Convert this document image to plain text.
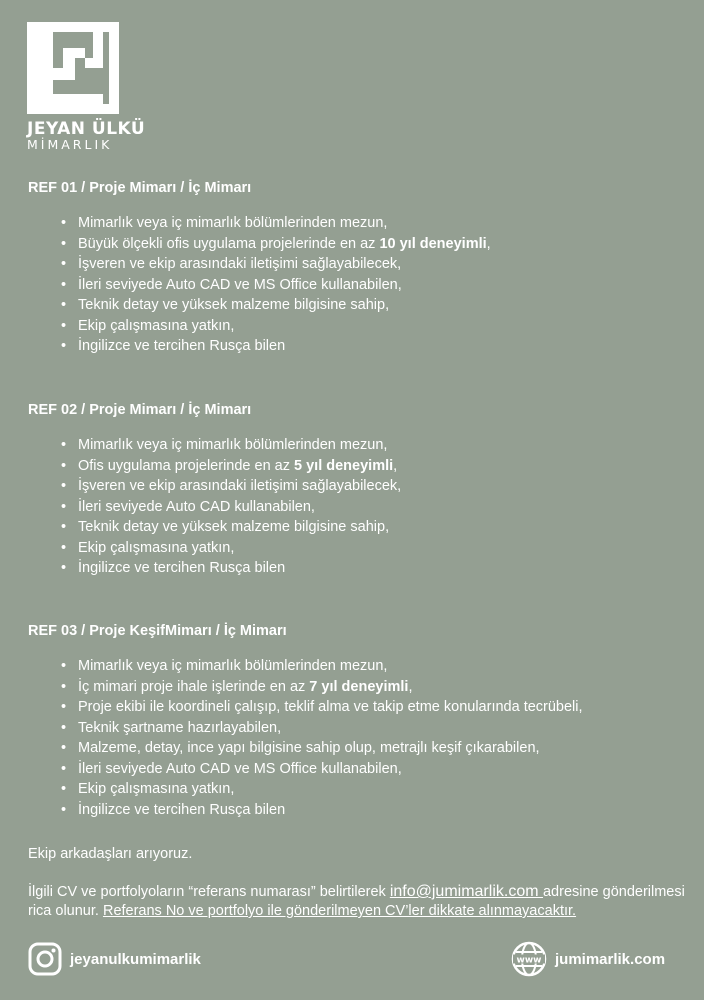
JEYAN ÜLKÜ
MİMARLIK
REF 01 / Proje Mimarı / İç Mimarı
• Mimarlık veya iç mimarlık bölümlerinden mezun,
• Büyük ölçekli ofis uygulama projelerinde en az 10 yıl deneyimli,
• İşveren ve ekip arasındaki iletişimi sağlayabilecek,
• İleri seviyede Auto CAD ve MS Office kullanabilen,
• Teknik detay ve yüksek malzeme bilgisine sahip,
• Ekip çalışmasına yatkın,
• İngilizce ve tercihen Rusça bilen
REF 02 / Proje Mimarı / İç Mimarı
• Mimarlık veya iç mimarlık bölümlerinden mezun,
• Ofis uygulama projelerinde en az 5 yıl deneyimli,
• İşveren ve ekip arasındaki iletişimi sağlayabilecek,
• İleri seviyede Auto CAD kullanabilen,
• Teknik detay ve yüksek malzeme bilgisine sahip,
• Ekip çalışmasına yatkın,
• İngilizce ve tercihen Rusça bilen
REF 03 / Proje KeşifMimarı / İç Mimarı
• Mimarlık veya iç mimarlık bölümlerinden mezun,
• İç mimari proje ihale işlerinde en az 7 yıl deneyimli,
• Proje ekibi ile koordineli çalışıp, teklif alma ve takip etme konularında tecrübeli,
• Teknik şartname hazırlayabilen,
• Malzeme, detay, ince yapı bilgisine sahip olup, metrajlı keşif çıkarabilen,
• İleri seviyede Auto CAD ve MS Office kullanabilen,
• Ekip çalışmasına yatkın,
• İngilizce ve tercihen Rusça bilen
Ekip arkadaşları arıyoruz.
İlgili CV ve portfolyoların “referans numarası” belirtilerek info@jumimarlik.com adresine gönderilmesi rica olunur. Referans No ve portfolyo ile gönderilmeyen CV’ler dikkate alınmayacaktır.
jeyanulkumimarlik	www jumimarlik.com
